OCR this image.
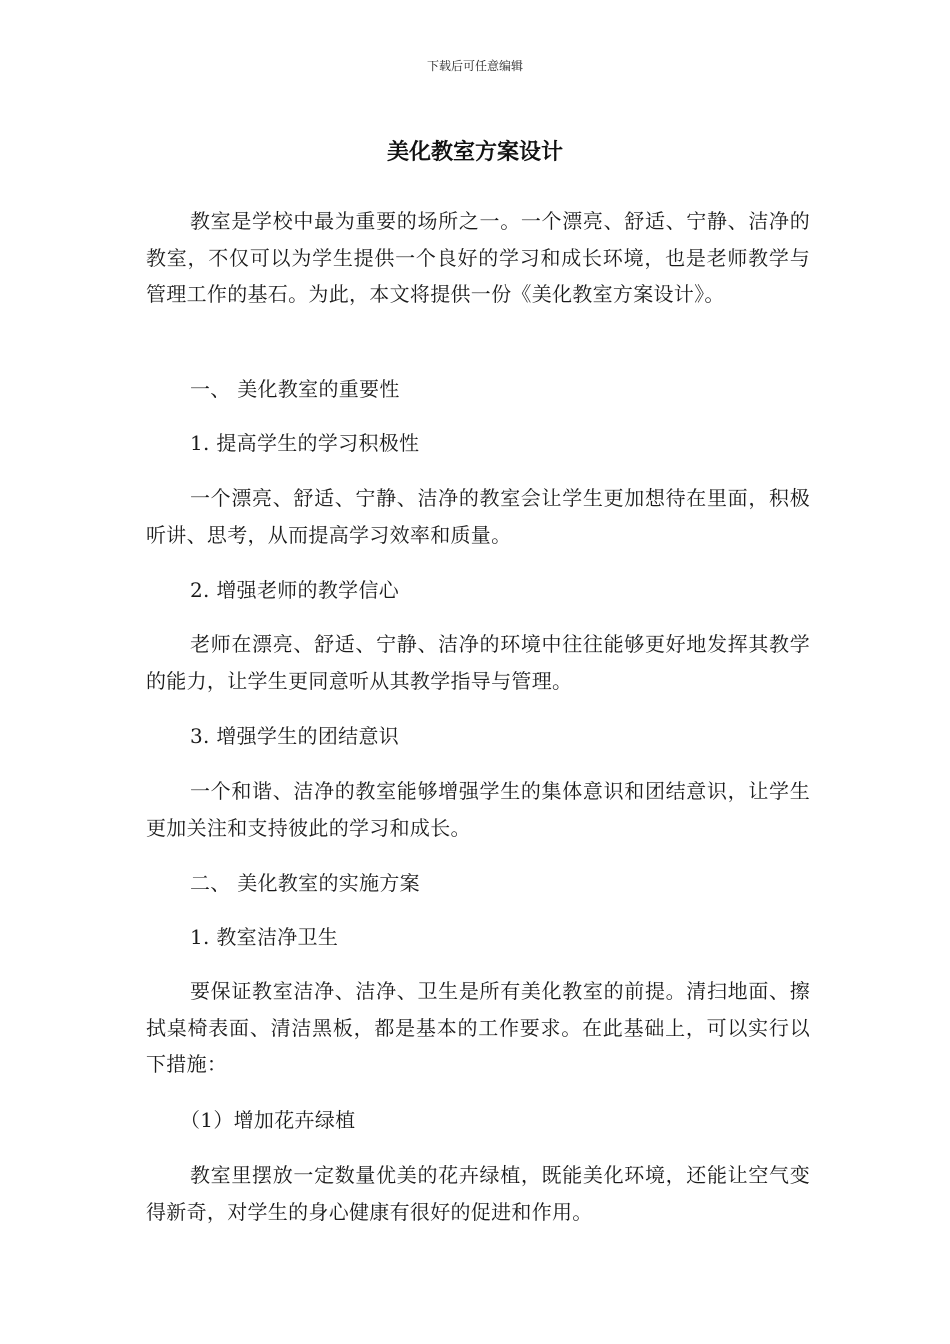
下载后可任意编辑
美化教室方案设计
教室是学校中最为重要的场所之一。一个漂亮、舒适、宁静、洁净的教室，不仅可以为学生提供一个良好的学习和成长环境，也是老师教学与管理工作的基石。为此，本文将提供一份《美化教室方案设计》。
一、 美化教室的重要性
1. 提高学生的学习积极性
一个漂亮、舒适、宁静、洁净的教室会让学生更加想待在里面，积极听讲、思考，从而提高学习效率和质量。
2. 增强老师的教学信心
老师在漂亮、舒适、宁静、洁净的环境中往往能够更好地发挥其教学的能力，让学生更同意听从其教学指导与管理。
3. 增强学生的团结意识
一个和谐、洁净的教室能够增强学生的集体意识和团结意识，让学生更加关注和支持彼此的学习和成长。
二、 美化教室的实施方案
1. 教室洁净卫生
要保证教室洁净、洁净、卫生是所有美化教室的前提。清扫地面、擦拭桌椅表面、清洁黑板，都是基本的工作要求。在此基础上，可以实行以下措施：
（1）增加花卉绿植
教室里摆放一定数量优美的花卉绿植，既能美化环境，还能让空气变得新奇，对学生的身心健康有很好的促进和作用。
